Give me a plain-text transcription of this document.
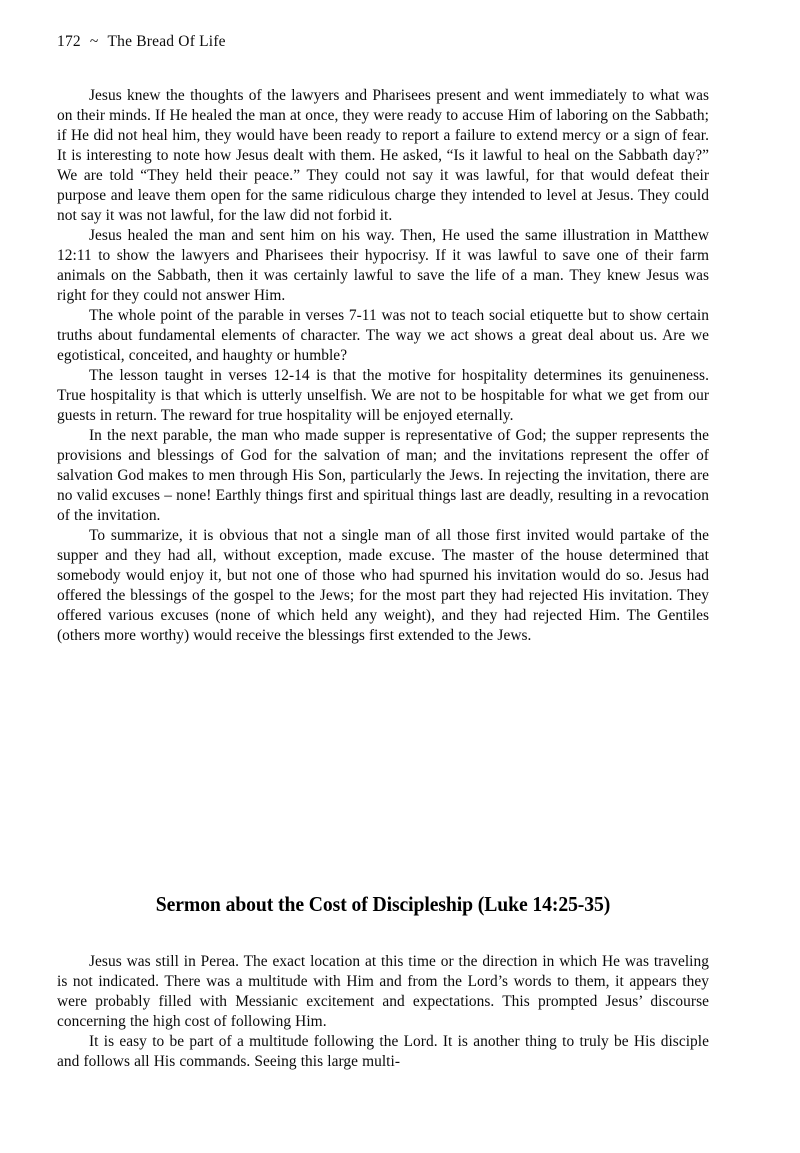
172 ~ The Bread Of Life

Jesus knew the thoughts of the lawyers and Pharisees present and went immediately to what was on their minds. If He healed the man at once, they were ready to accuse Him of laboring on the Sabbath; if He did not heal him, they would have been ready to report a failure to extend mercy or a sign of fear. It is interesting to note how Jesus dealt with them. He asked, “Is it lawful to heal on the Sabbath day?” We are told “They held their peace.” They could not say it was lawful, for that would defeat their purpose and leave them open for the same ridiculous charge they intended to level at Jesus. They could not say it was not lawful, for the law did not forbid it.

Jesus healed the man and sent him on his way. Then, He used the same illustration in Matthew 12:11 to show the lawyers and Pharisees their hypocrisy. If it was lawful to save one of their farm animals on the Sabbath, then it was certainly lawful to save the life of a man. They knew Jesus was right for they could not answer Him.

The whole point of the parable in verses 7-11 was not to teach social etiquette but to show certain truths about fundamental elements of character. The way we act shows a great deal about us. Are we egotistical, conceited, and haughty or humble?

The lesson taught in verses 12-14 is that the motive for hospitality determines its genuineness. True hospitality is that which is utterly unselfish. We are not to be hospitable for what we get from our guests in return. The reward for true hospitality will be enjoyed eternally.

In the next parable, the man who made supper is representative of God; the supper represents the provisions and blessings of God for the salvation of man; and the invitations represent the offer of salvation God makes to men through His Son, particularly the Jews. In rejecting the invitation, there are no valid excuses – none! Earthly things first and spiritual things last are deadly, resulting in a revocation of the invitation.

To summarize, it is obvious that not a single man of all those first invited would partake of the supper and they had all, without exception, made excuse. The master of the house determined that somebody would enjoy it, but not one of those who had spurned his invitation would do so. Jesus had offered the blessings of the gospel to the Jews; for the most part they had rejected His invitation. They offered various excuses (none of which held any weight), and they had rejected Him. The Gentiles (others more worthy) would receive the blessings first extended to the Jews.

Sermon about the Cost of Discipleship (Luke 14:25-35)

Jesus was still in Perea. The exact location at this time or the direction in which He was traveling is not indicated. There was a multitude with Him and from the Lord’s words to them, it appears they were probably filled with Messianic excitement and expectations. This prompted Jesus’ discourse concerning the high cost of following Him.

It is easy to be part of a multitude following the Lord. It is another thing to truly be His disciple and follows all His commands. Seeing this large multi-
